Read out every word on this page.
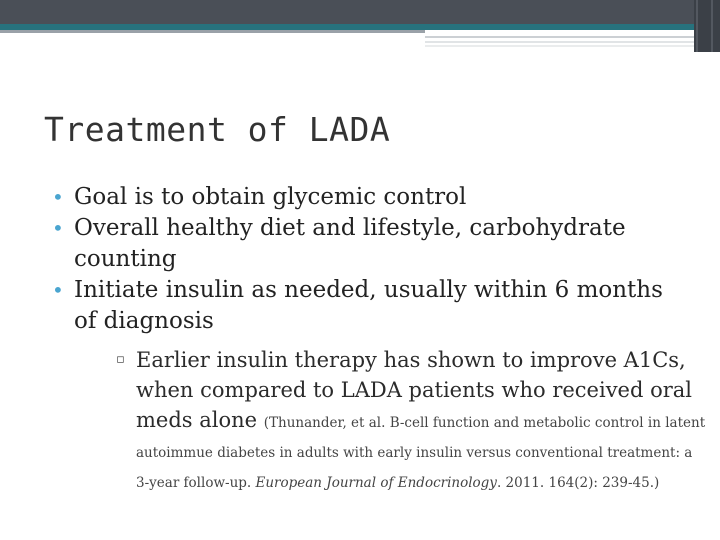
Treatment of LADA
• Goal is to obtain glycemic control
• Overall healthy diet and lifestyle, carbohydrate counting
• Initiate insulin as needed, usually within 6 months of diagnosis
▫ Earlier insulin therapy has shown to improve A1Cs, when compared to LADA patients who received oral meds alone (Thunander, et al. B-cell function and metabolic control in latent autoimmue diabetes in adults with early insulin versus conventional treatment: a 3-year follow-up. European Journal of Endocrinology. 2011. 164(2): 239-45.)
